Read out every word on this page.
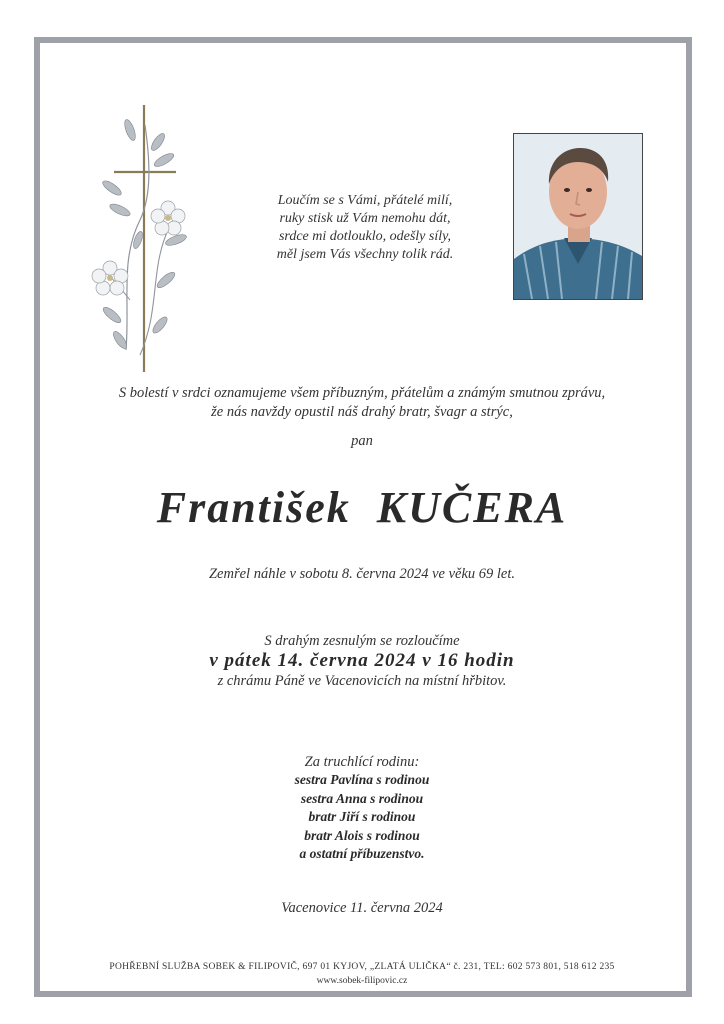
Loučím se s Vámi, přátelé milí,
ruky stisk už Vám nemohu dát,
srdce mi dotlouklo, odešly síly,
měl jsem Vás všechny tolik rád.
S bolestí v srdci oznamujeme všem příbuzným, přátelům a známým smutnou zprávu,
že nás navždy opustil náš drahý bratr, švagr a strýc,
pan
František KUČERA
Zemřel náhle v sobotu 8. června 2024 ve věku 69 let.
S drahým zesnulým se rozloučíme
v pátek 14. června 2024 v 16 hodin
z chrámu Páně ve Vacenovicích na místní hřbitov.
Za truchlící rodinu:
sestra Pavlína s rodinou
sestra Anna s rodinou
bratr Jiří s rodinou
bratr Alois s rodinou
a ostatní příbuzenstvo.
Vacenovice 11. června 2024
POHŘEBNÍ SLUŽBA SOBEK & FILIPOVIČ, 697 01 KYJOV, „ZLATÁ ULIČKA“ č. 231, TEL: 602 573 801, 518 612 235
www.sobek-filipovic.cz
